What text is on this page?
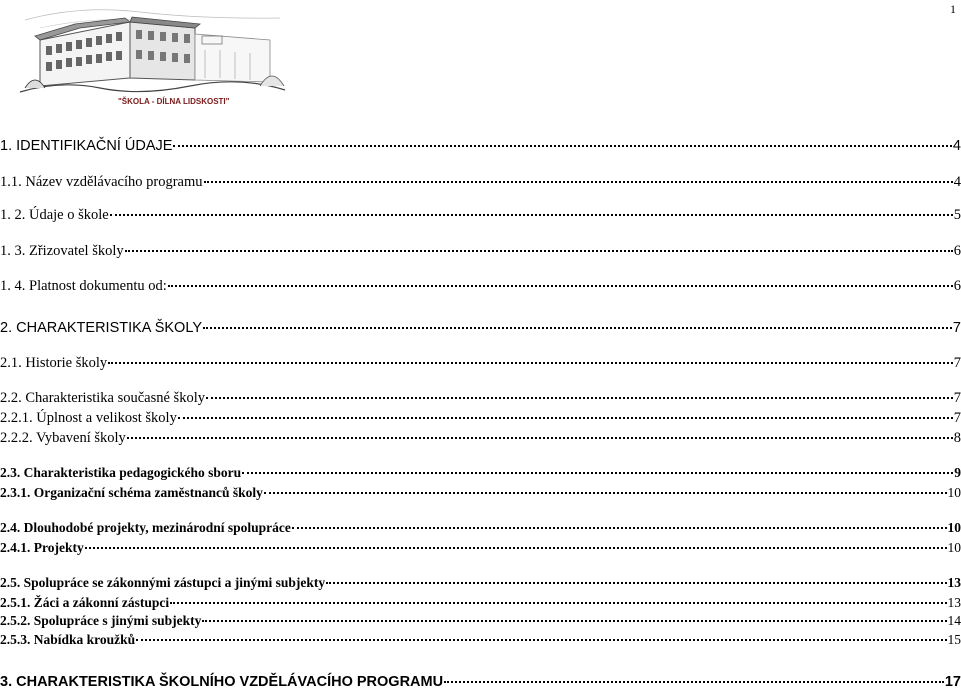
1
"ŠKOLA - DÍLNA LIDSKOSTI"
1. IDENTIFIKAČNÍ ÚDAJE	4
1.1. Název vzdělávacího programu	4
1. 2. Údaje o škole	5
1. 3. Zřizovatel školy	6
1. 4. Platnost dokumentu od:	6
2. CHARAKTERISTIKA ŠKOLY	7
2.1. Historie školy	7
2.2. Charakteristika současné školy	7
2.2.1. Úplnost a velikost školy	7
2.2.2. Vybavení školy	8
2.3. Charakteristika pedagogického sboru	9
2.3.1. Organizační schéma zaměstnanců školy	10
2.4. Dlouhodobé projekty, mezinárodní spolupráce	10
2.4.1. Projekty	10
2.5. Spolupráce se zákonnými zástupci a jinými subjekty	13
2.5.1. Žáci a zákonní zástupci	13
2.5.2. Spolupráce s jinými subjekty	14
2.5.3. Nabídka kroužků	15
3. CHARAKTERISTIKA ŠKOLNÍHO VZDĚLÁVACÍHO PROGRAMU	17
